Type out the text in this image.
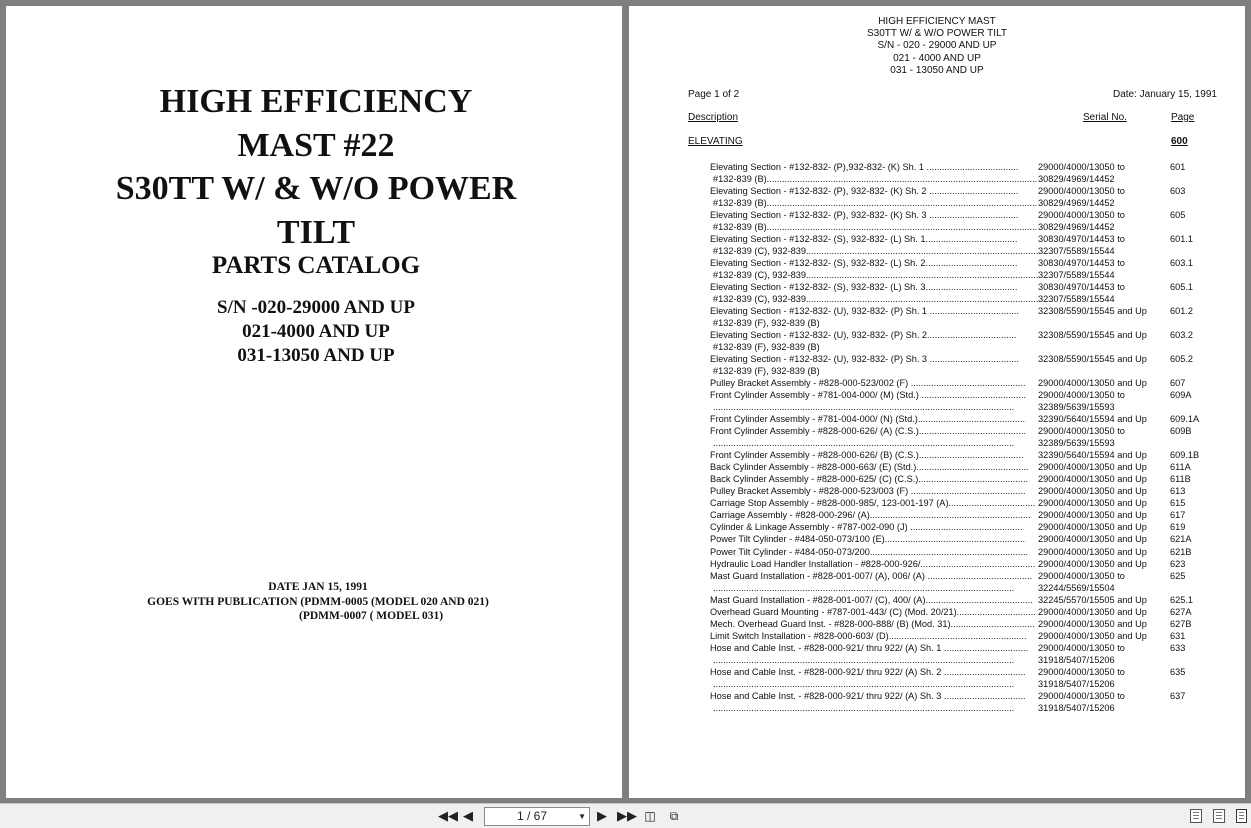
HIGH EFFICIENCY
MAST #22
S30TT W/ & W/O POWER
TILT
PARTS CATALOG
S/N -020-29000 AND UP
021-4000 AND UP
031-13050 AND UP
DATE JAN 15, 1991
GOES WITH PUBLICATION (PDMM-0005 (MODEL 020 AND 021)
(PDMM-0007 ( MODEL 031)
HIGH EFFICIENCY MAST
S30TT W/ & W/O POWER TILT
S/N - 020 - 29000 AND UP
021 - 4000 AND UP
031 - 13050 AND UP
Page 1 of 2	Date: January 15, 1991
Description	Serial No.	Page
ELEVATING	600
Elevating Section - #132-832- (P),932-832- (K) Sh. 1 ....................................	29000/4000/13050 to	601
#132-839 (B).......................................................................................................... 30829/4969/14452
Elevating Section - #132-832- (P), 932-832- (K) Sh. 2 ...................................	29000/4000/13050 to	603
#132-839 (B).......................................................................................................... 30829/4969/14452
Elevating Section - #132-832- (P), 932-832- (K) Sh. 3 ...................................	29000/4000/13050 to	605
#132-839 (B).......................................................................................................... 30829/4969/14452
Elevating Section - #132-832- (S), 932-832- (L) Sh. 1....................................	30830/4970/14453 to	601.1
#132-839 (C), 932-839........................................................................................... 32307/5589/15544
Elevating Section - #132-832- (S), 932-832- (L) Sh. 2....................................	30830/4970/14453 to	603.1
#132-839 (C), 932-839........................................................................................... 32307/5589/15544
Elevating Section - #132-832- (S), 932-832- (L) Sh. 3....................................	30830/4970/14453 to	605.1
#132-839 (C), 932-839........................................................................................... 32307/5589/15544
Elevating Section - #132-832- (U), 932-832- (P) Sh. 1 ...................................	32308/5590/15545 and Up	601.2
#132-839 (F), 932-839 (B)
Elevating Section - #132-832- (U), 932-832- (P) Sh. 2...................................	32308/5590/15545 and Up	603.2
#132-839 (F), 932-839 (B)
Elevating Section - #132-832- (U), 932-832- (P) Sh. 3 ...................................	32308/5590/15545 and Up	605.2
#132-839 (F), 932-839 (B)
Pulley Bracket Assembly - #828-000-523/002 (F) .............................................	29000/4000/13050 and Up	607
Front Cylinder Assembly - #781-004-000/ (M) (Std.) .........................................	29000/4000/13050 to	609A
......................................................................................................................	32389/5639/15593
Front Cylinder Assembly - #781-004-000/ (N) (Std.)..........................................	32390/5640/15594 and Up	609.1A
Front Cylinder Assembly - #828-000-626/ (A) (C.S.)..........................................	29000/4000/13050 to	609B
......................................................................................................................	32389/5639/15593
Front Cylinder Assembly - #828-000-626/ (B) (C.S.).........................................	32390/5640/15594 and Up	609.1B
Back Cylinder Assembly - #828-000-663/ (E) (Std.)............................................	29000/4000/13050 and Up	611A
Back Cylinder Assembly - #828-000-625/ (C) (C.S.)...........................................	29000/4000/13050 and Up	611B
Pulley Bracket Assembly - #828-000-523/003 (F) .............................................	29000/4000/13050 and Up	613
Carriage Stop Assembly - #828-000-985/, 123-001-197 (A).................................. 29000/4000/13050 and Up	615
Carriage Assembly - #828-000-296/ (A)............................................................... 29000/4000/13050 and Up	617
Cylinder & Linkage Assembly - #787-002-090 (J) ............................................	29000/4000/13050 and Up	619
Power Tilt Cylinder - #484-050-073/100 (E).......................................................	29000/4000/13050 and Up	621A
Power Tilt Cylinder - #484-050-073/200..............................................................	29000/4000/13050 and Up	621B
Hydraulic Load Handler Installation - #828-000-926/............................................. 29000/4000/13050 and Up	623
Mast Guard Installation - #828-001-007/ (A), 006/ (A) ......................................... 29000/4000/13050 to	625
......................................................................................................................	32244/5569/15504
Mast Guard Installation - #828-001-007/ (C), 400/ (A).......................................... 32245/5570/15505 and Up	625.1
Overhead Guard Mounting - #787-001-443/ (C) (Mod. 20/21)............................... 29000/4000/13050 and Up	627A
Mech. Overhead Guard Inst. - #828-000-888/ (B) (Mod. 31)................................. 29000/4000/13050 and Up	627B
Limit Switch Installation - #828-000-603/ (D)......................................................	29000/4000/13050 and Up	631
Hose and Cable Inst. - #828-000-921/ thru 922/ (A) Sh. 1 .................................	29000/4000/13050 to	633
......................................................................................................................	31918/5407/15206
Hose and Cable Inst. - #828-000-921/ thru 922/ (A) Sh. 2 ................................	29000/4000/13050 to	635
......................................................................................................................	31918/5407/15206
Hose and Cable Inst. - #828-000-921/ thru 922/ (A) Sh. 3 ................................	29000/4000/13050 to	637
......................................................................................................................	31918/5407/15206
◀◀ ◀	1 / 67	▼ ▶ ▶▶ ◫	⧉
